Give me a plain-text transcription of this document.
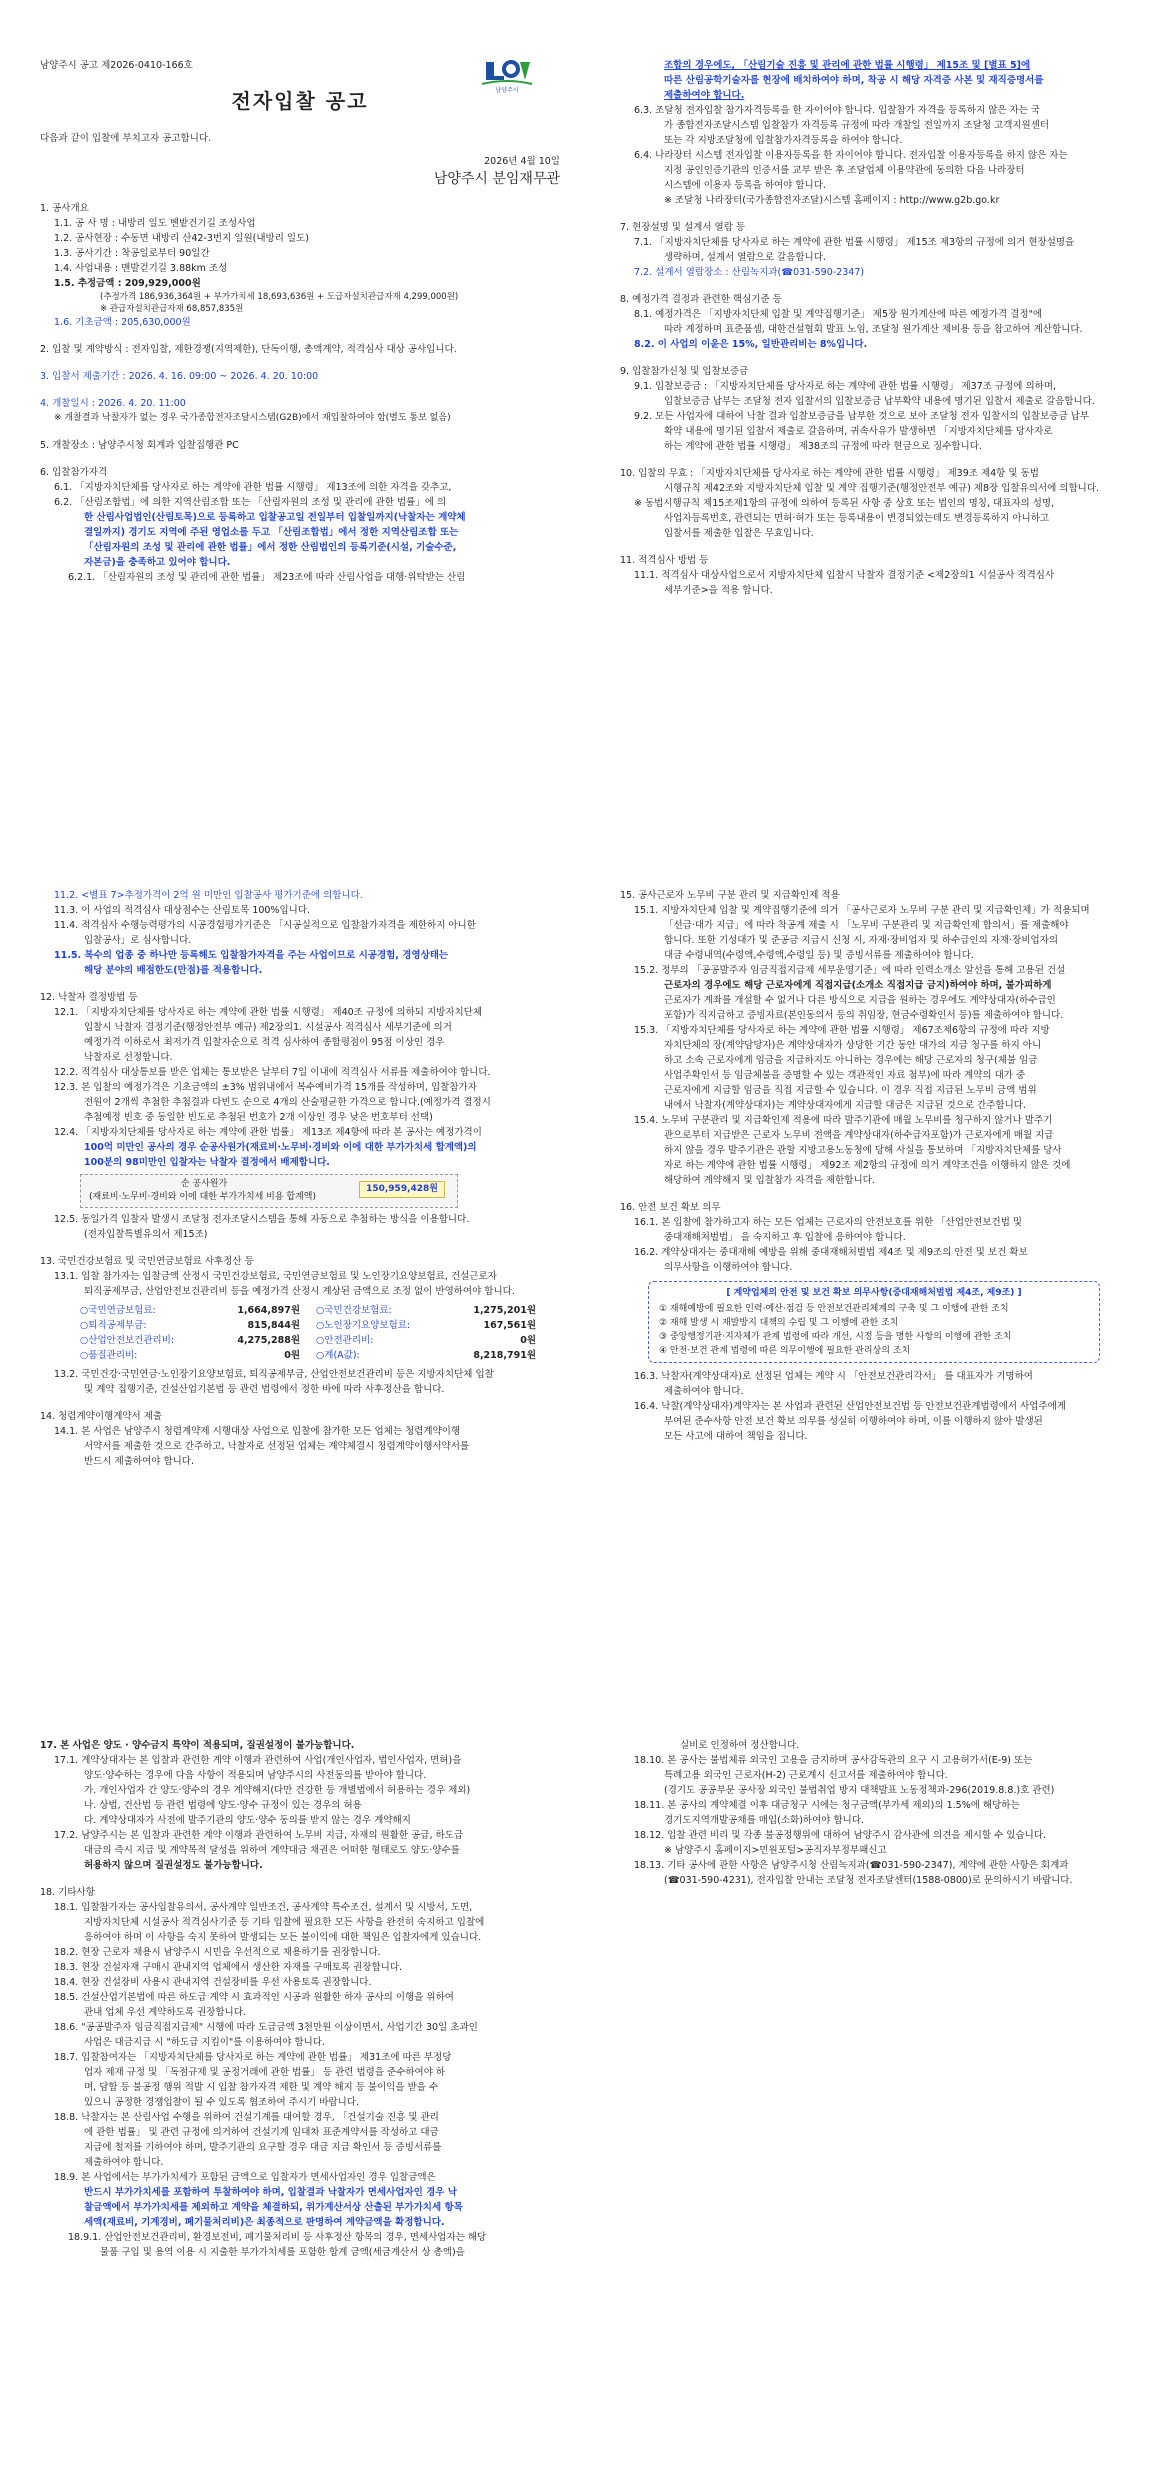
남양주시
남양주시 공고 제2026-0410-166호
전자입찰 공고
다음과 같이 입찰에 부치고자 공고합니다.
2026년 4월 10일
남양주시 분임재무관
1. 공사개요
1.1. 공 사 명 : 내방리 일도 벤밭건기길 조성사업
1.2. 공사현장 : 수동면 내방리 산42-3번지 일원(내방리 일도)
1.3. 공사기간 : 착공일로부터 90일간
1.4. 사업내용 : 맨발걷기길 3.88km 조성
1.5. 추정금액 : 209,929,000원
(추정가격 186,936,364원 + 부가가치세 18,693,636원 + 도급자설치관급자재 4,299,000원)
※ 관급자설치관급자재 68,857,835원
1.6. 기초금액 : 205,630,000원
2. 입찰 및 계약방식 : 전자입찰, 제한경쟁(지역제한), 단독이행, 총액계약, 적격심사 대상 공사입니다.
3. 입찰서 제출기간 : 2026. 4. 16. 09:00 ~ 2026. 4. 20. 10:00
4. 개찰일시 : 2026. 4. 20. 11:00
※ 개찰결과 낙찰자가 없는 경우 국가종합전자조달시스템(G2B)에서 재입찰하여야 함(별도 통보 없음)
5. 개찰장소 : 남양주시청 회계과 입찰집행관 PC
6. 입찰참가자격
6.1. 「지방자치단체를 당사자로 하는 계약에 관한 법률 시행령」 제13조에 의한 자격을 갖추고,
6.2. 「산림조합법」에 의한 지역산림조합 또는 「산림자원의 조성 및 관리에 관한 법률」에 의
한 산림사업법인(산림토목)으로 등록하고 입찰공고일 전일부터 입찰일까지(낙찰자는 계약체
결일까지) 경기도 지역에 주된 영업소를 두고 「산림조합법」에서 정한 지역산림조합 또는
「산림자원의 조성 및 관리에 관한 법률」에서 정한 산림법인의 등록기준(시설, 기술수준,
자본금)을 충족하고 있어야 합니다.
6.2.1. 「산림자원의 조성 및 관리에 관한 법률」 제23조에 따라 산림사업을 대행·위탁받는 산림
조합의 경우에도, 「산림기술 진흥 및 관리에 관한 법률 시행령」 제15조 및 [별표 5]에
따른 산림공학기술자를 현장에 배치하여야 하며, 착공 시 해당 자격증 사본 및 재직증명서를
제출하여야 합니다.
6.3. 조달청 전자입찰 참가자격등록을 한 자이어야 합니다. 입찰참가 자격을 등록하지 않은 자는 국
가 종합전자조달시스템 입찰참가 자격등록 규정에 따라 개찰일 전일까지 조달청 고객지원센터
또는 각 지방조달청에 입찰참가자격등록을 하여야 합니다.
6.4. 나라장터 시스템 전자입찰 이용자등록을 한 자이어야 합니다. 전자입찰 이용자등록을 하지 않은 자는
지정 공인인증기관의 인증서를 교부 받은 후 조달업체 이용약관에 동의한 다음 나라장터
시스템에 이용자 등록을 하여야 합니다.
※ 조달청 나라장터(국가종합전자조달)시스템 홈페이지 : http://www.g2b.go.kr
7. 현장설명 및 설계서 열람 등
7.1. 「지방자치단체를 당사자로 하는 계약에 관한 법률 시행령」 제15조 제3항의 규정에 의거 현장설명을
생략하며, 설계서 열람으로 갈음합니다.
7.2. 설계서 열람장소 : 산림녹지과(☎031-590-2347)
8. 예정가격 결정과 관련한 핵심기준 등
8.1. 예정가격은 「지방자치단체 입찰 및 계약집행기준」 제5장 원가계산에 따른 예정가격 결정"에
따라 계정하며 표준품셈, 대한건설협회 발표 노임, 조달청 원가계산 제비용 등을 참고하여 계산합니다.
8.2. 이 사업의 이윤은 15%, 일반관리비는 8%입니다.
9. 입찰참가신청 및 입찰보증금
9.1. 입찰보증금 : 「지방자치단체를 당사자로 하는 계약에 관한 법률 시행령」 제37조 규정에 의하며,
입찰보증금 납부는 조달청 전자 입찰서의 입찰보증금 납부확약 내용에 명기된 입찰서 제출로 갈음합니다.
9.2. 모든 사업자에 대하여 낙찰 결과 입찰보증금을 납부한 것으로 보아 조달청 전자 입찰서의 입찰보증금 납부
확약 내용에 명기된 입찰서 제출로 갈음하며, 귀속사유가 발생하면 「지방자치단체를 당사자로
하는 계약에 관한 법률 시행령」 제38조의 규정에 따라 현금으로 징수합니다.
10. 입찰의 무효 : 「지방자치단체를 당사자로 하는 계약에 관한 법률 시행령」 제39조 제4항 및 동법
시행규칙 제42조와 지방자치단체 입찰 및 계약 집행기준(행정안전부 예규) 제8장 입찰유의서에 의합니다.
※ 동법시행규칙 제15조제1항의 규정에 의하여 등록된 사항 중 상호 또는 법인의 명칭, 대표자의 성명,
사업자등록번호, 관련되는 면허·허가 또는 등록내용이 변경되었는데도 변경등록하지 아니하고
입찰서를 제출한 입찰은 무효입니다.
11. 적격심사 방법 등
11.1. 적격심사 대상사업으로서 지방자치단체 입찰시 낙찰자 결정기준 <제2장의1 시설공사 적격심사
세부기준>을 적용 합니다.
11.2. <별표 7>추정가격이 2억 원 미만인 입찰공사 평가기준에 의합니다.
11.3. 이 사업의 적격심사 대상점수는 산림토목 100%입니다.
11.4. 적격심사 수행능력평가의 시공경험평가기준은 「시공실적으로 입찰참가자격을 제한하지 아니한
입찰공사」로 심사합니다.
11.5. 복수의 업종 중 하나만 등록해도 입찰참가자격을 주는 사업이므로 시공경험, 경영상태는
해당 분야의 배점한도(만점)를 적용합니다.
12. 낙찰자 결정방법 등
12.1. 「지방자치단체를 당사자로 하는 계약에 관한 법률 시행령」 제40조 규정에 의하되 지방자치단체
입찰시 낙찰자 결정기준(행정안전부 예규) 제2장의1. 시설공사 적격심사 세부기준에 의거
예정가격 이하로서 최저가격 입찰자순으로 적격 심사하여 종합평점이 95점 이상인 경우
낙찰자로 선정합니다.
12.2. 적격심사 대상통보를 받은 업체는 통보받은 날부터 7일 이내에 적격심사 서류를 제출하여야 합니다.
12.3. 본 입찰의 예정가격은 기초금액의 ±3% 범위내에서 복수예비가격 15개를 작성하며, 입찰참가자
전원이 2개씩 추첨한 추첨결과 다빈도 순으로 4개의 산술평균한 가격으로 합니다.(예정가격 결정시
추첨예정 빈호 중 동일한 빈도로 추첨된 번호가 2개 이상인 경우 낮은 번호부터 선택)
12.4. 「지방자치단체를 당사자로 하는 계약에 관한 법률」 제13조 제4항에 따라 본 공사는 예정가격이
100억 미만인 공사의 경우 순공사원가(재료비·노무비·경비와 이에 대한 부가가치세 합계액)의
100분의 98미만인 입찰자는 낙찰자 결정에서 배제합니다.
순 공사원가
(재료비·노무비·경비와 이에 대한 부가가치세 비용 합계액)
150,959,428원
12.5. 동일가격 입찰자 발생시 조달청 전자조달시스템을 통해 자동으로 추첨하는 방식을 이용합니다.
(전자입찰특별유의서 제15조)
13. 국민건강보험료 및 국민연금보험료 사후정산 등
13.1. 입찰 참가자는 입찰금액 산정시 국민건강보험료, 국민연금보험료 및 노인장기요양보험료, 건설근로자
퇴직공제부금, 산업안전보건관리비 등을 예정가격 산정시 계상된 금액으로 조정 없이 반영하여야 합니다.
○국민연금보험료:	1,664,897원 ○국민건강보험료:	1,275,201원
○퇴직공제부금:	815,844원 ○노인장기요양보험료:	167,561원
○산업안전보건관리비:	4,275,288원 ○안전관리비:	0원
○품질관리비:	0원 ○계(A값):	8,218,791원
13.2. 국민건강·국민연금·노인장기요양보험료, 퇴직공제부금, 산업안전보건관리비 등은 지방자치단체 입찰
및 계약 집행기준, 건설산업기본법 등 관련 법령에서 정한 바에 따라 사후정산을 합니다.
14. 청렴계약이행계약서 제출
14.1. 본 사업은 남양주시 청렴계약제 시행대상 사업으로 입찰에 참가한 모든 업체는 청렴계약이행
서약서를 제출한 것으로 간주하고, 낙찰자로 선정된 업체는 계약체결시 청렴계약이행서약서를
반드시 제출하여야 합니다.
15. 공사근로자 노무비 구분 관리 및 지급확인제 적용
15.1. 지방자치단체 입찰 및 계약집행기준에 의거 「공사근로자 노무비 구분 관리 및 지급확인제」가 적용되며
「선급·대가 지급」에 따라 착공계 제출 시 「노무비 구분관리 및 지급확인제 합의서」를 제출해야
합니다. 또한 기성대가 및 준공금 지급시 신청 시, 자재·장비업자 및 하수급인의 자재·장비업자의
대금 수령내역(수령액,수령액,수령일 등) 및 증빙서류를 제출하여야 합니다.
15.2. 정부의 「공공발주자 임금직접지급제 세부운영기준」에 따라 인력소개소 알선을 통해 고용된 건설
근로자의 경우에도 해당 근로자에게 직접지급(소개소 직접지급 금지)하여야 하며, 불가피하게
근로자가 계좌를 개설할 수 없거나 다른 방식으로 지급을 원하는 경우에도 계약상대자(하수급인
포함)가 직지급하고 증빙자료(본인동의서 등의 취임장, 현금수령확인서 등)를 제출하여야 합니다.
15.3. 「지방자치단체를 당사자로 하는 계약에 관한 법률 시행령」 제67조제6항의 규정에 따라 지방
자치단체의 장(계약담당자)은 계약상대자가 상당한 기간 동안 대가의 지급 청구를 하지 아니
하고 소속 근로자에게 임금을 지급하지도 아니하는 경우에는 해당 근로자의 청구(체불 임금
사업주확인서 등 임금체불을 증명할 수 있는 객관적인 자료 첨부)에 따라 계약의 대가 중
근로자에게 지급할 임금을 직접 지급할 수 있습니다. 이 경우 직접 지급된 노무비 금액 범위
내에서 낙찰자(계약상대자)는 계약상대자에게 지급할 대금은 지급된 것으로 간주합니다.
15.4. 노무비 구분관리 및 지급확인제 적용에 따라 발주기관에 매월 노무비를 청구하지 않거나 발주기
관으로부터 지급받은 근로자 노무비 전액을 계약상대자(하수급자포함)가 근로자에게 매월 지급
하지 않을 경우 발주기관은 관할 지방고용노동청에 당해 사실을 통보하며 「지방자치단체를 당사
자로 하는 계약에 관한 법률 시행령」 제92조 제2항의 규정에 의거 계약조건을 이행하지 않은 것에
해당하여 계약해지 및 입찰참가 자격을 제한합니다.
16. 안전 보건 확보 의무
16.1. 본 입찰에 참가하고자 하는 모든 업체는 근로자의 안전보호를 위한 「산업안전보건법 및
중대재해처벌법」 을 숙지하고 후 입찰에 응하여야 합니다.
16.2. 계약상대자는 중대재해 예방을 위해 중대재해처벌법 제4조 및 제9조의 안전 및 보건 확보
의무사항을 이행하여야 합니다.
[ 계약업체의 안전 및 보건 확보 의무사항(중대재해처벌법 제4조, 제9조) ]
① 재해예방에 필요한 인력·예산·점검 등 안전보건관리체계의 구축 및 그 이행에 관한 조치
② 재해 발생 시 재발방지 대책의 수립 및 그 이행에 관한 조치
③ 중앙행정기관·지자체가 관계 법령에 따라 개선, 시정 등을 명한 사항의 이행에 관한 조치
④ 안전·보건 관계 법령에 따른 의무이행에 필요한 관리상의 조치
16.3. 낙찰자(계약상대자)로 선정된 업체는 계약 시 「안전보건관리각서」 를 대표자가 기명하여
제출하여야 합니다.
16.4. 낙찰(계약상대자)계약자는 본 사업과 관련된 산업안전보건법 등 안전보건관계법령에서 사업주에게
부여된 준수사항 안전 보건 확보 의무를 성실히 이행하여야 하며, 이를 이행하지 않아 발생된
모든 사고에 대하여 책임을 집니다.
17. 본 사업은 양도 · 양수금지 특약이 적용되며, 질권설정이 불가능합니다.
17.1. 계약상대자는 본 입찰과 관련한 계약 이행과 관련하여 사업(개인사업자, 법인사업자, 면허)을
양도·양수하는 경우에 다음 사항이 적용되며 남양주시의 사전동의를 받아야 합니다.
가. 개인사업자 간 양도·양수의 경우 계약해지(다만 건강한 등 개별법에서 허용하는 경우 제외)
나. 상법, 건산법 등 관련 법령에 양도·양수 규정이 있는 경우의 허용
다. 계약상대자가 사전에 발주기관의 양도·양수 동의를 받지 않는 경우 계약해지
17.2. 남양주시는 본 입찰과 관련한 계약 이행과 관련하여 노무비 지급, 자재의 원활한 공급, 하도급
대금의 즉시 지급 및 계약목적 달성을 위하여 계약대금 채권은 어떠한 형태로도 양도·양수를
허용하지 않으며 질권설정도 불가능합니다.
18. 기타사항
18.1. 입찰참가자는 공사입찰유의서, 공사계약 일반조건, 공사계약 특수조건, 설계서 및 시방서, 도면,
지방자치단체 시설공사 적격심사기준 등 기타 입찰에 필요한 모든 사항을 완전히 숙지하고 입찰에
응하여야 하며 이 사항을 숙지 못하여 발생되는 모든 불이익에 대한 책임은 입찰자에게 있습니다.
18.2. 현장 근로자 채용시 남양주시 시민을 우선적으로 채용하기를 권장합니다.
18.3. 현장 건설자재 구매시 관내지역 업체에서 생산한 자재를 구매토록 권장합니다.
18.4. 현장 건설장비 사용시 관내지역 건설장비를 우선 사용토록 권장합니다.
18.5. 건설산업기본법에 따른 하도급 계약 시 효과적인 시공과 원활한 하자 공사의 이행을 위하여
관내 업체 우선 계약하도록 권장합니다.
18.6. "공공발주자 임금직접지급제" 시행에 따라 도급금액 3천만원 이상이면서, 사업기간 30일 초과인
사업은 대금지급 시 "하도급 지킴이"를 이용하여야 합니다.
18.7. 입찰참여자는 「지방자치단체를 당사자로 하는 계약에 관한 법률」 제31조에 따른 부정당
업자 제재 규정 및 「독점규제 및 공정거래에 관한 법률」 등 관련 법령을 준수하여야 하
며, 담합 등 불공정 행위 적발 시 입찰 참가자격 제한 및 계약 해지 등 불이익을 받을 수
있으니 공정한 경쟁입찰이 될 수 있도록 협조하여 주시기 바랍니다.
18.8. 낙찰자는 본 산림사업 수행을 위하여 건설기계를 대여할 경우, 「건설기술 진흥 및 관리
에 관한 법률」 및 관련 규정에 의거하여 건설기계 임대차 표준계약서를 작성하고 대금
지급에 철저를 기하여야 하며, 발주기관의 요구할 경우 대금 지급 확인서 등 증빙서류를
제출하여야 합니다.
18.9. 본 사업에서는 부가가치세가 포함된 금액으로 입찰자가 면세사업자인 경우 입찰금액은
반드시 부가가치세를 포함하여 투찰하여야 하며, 입찰결과 낙찰자가 면세사업자인 경우 낙
찰금액에서 부가가치세를 제외하고 계약을 체결하되, 위가계산서상 산출된 부가가치세 항목
세액(재료비, 기계경비, 폐기물처리비)은 최종적으로 판명하여 계약금액을 확정합니다.
18.9.1. 산업안전보건관리비, 환경보전비, 폐기물처리비 등 사후정산 항목의 경우, 면세사업자는 해당
물품 구입 및 용역 이용 시 지출한 부가가치세를 포함한 합계 금액(세금계산서 상 총액)을
실비로 인정하여 정산합니다.
18.10. 본 공사는 불법체류 외국인 고용을 금지하며 공사감독관의 요구 시 고용허가서(E-9) 또는
특례고용 외국인 근로자(H-2) 근로계시 신고서를 제출하여야 합니다.
(경기도 공공부문 공사장 외국인 불법취업 방지 대책발표 노동정책과-296(2019.8.8.)호 관련)
18.11. 본 공사의 계약체결 이후 대금청구 시에는 청구금액(부가세 제외)의 1.5%에 해당하는
경기도지역개발공채를 매입(소화)하여야 합니다.
18.12. 입찰 관련 비리 및 각종 불공정행위에 대하여 남양주시 감사관에 의견을 제시할 수 있습니다.
※ 남양주시 홈페이지>민원포털>공직자부정부패신고
18.13. 기타 공사에 관한 사항은 남양주시청 산림녹지과(☎031-590-2347), 계약에 관한 사항은 회계과
(☎031-590-4231), 전자입찰 안내는 조달청 전자조달센터(1588-0800)로 문의하시기 바랍니다.
